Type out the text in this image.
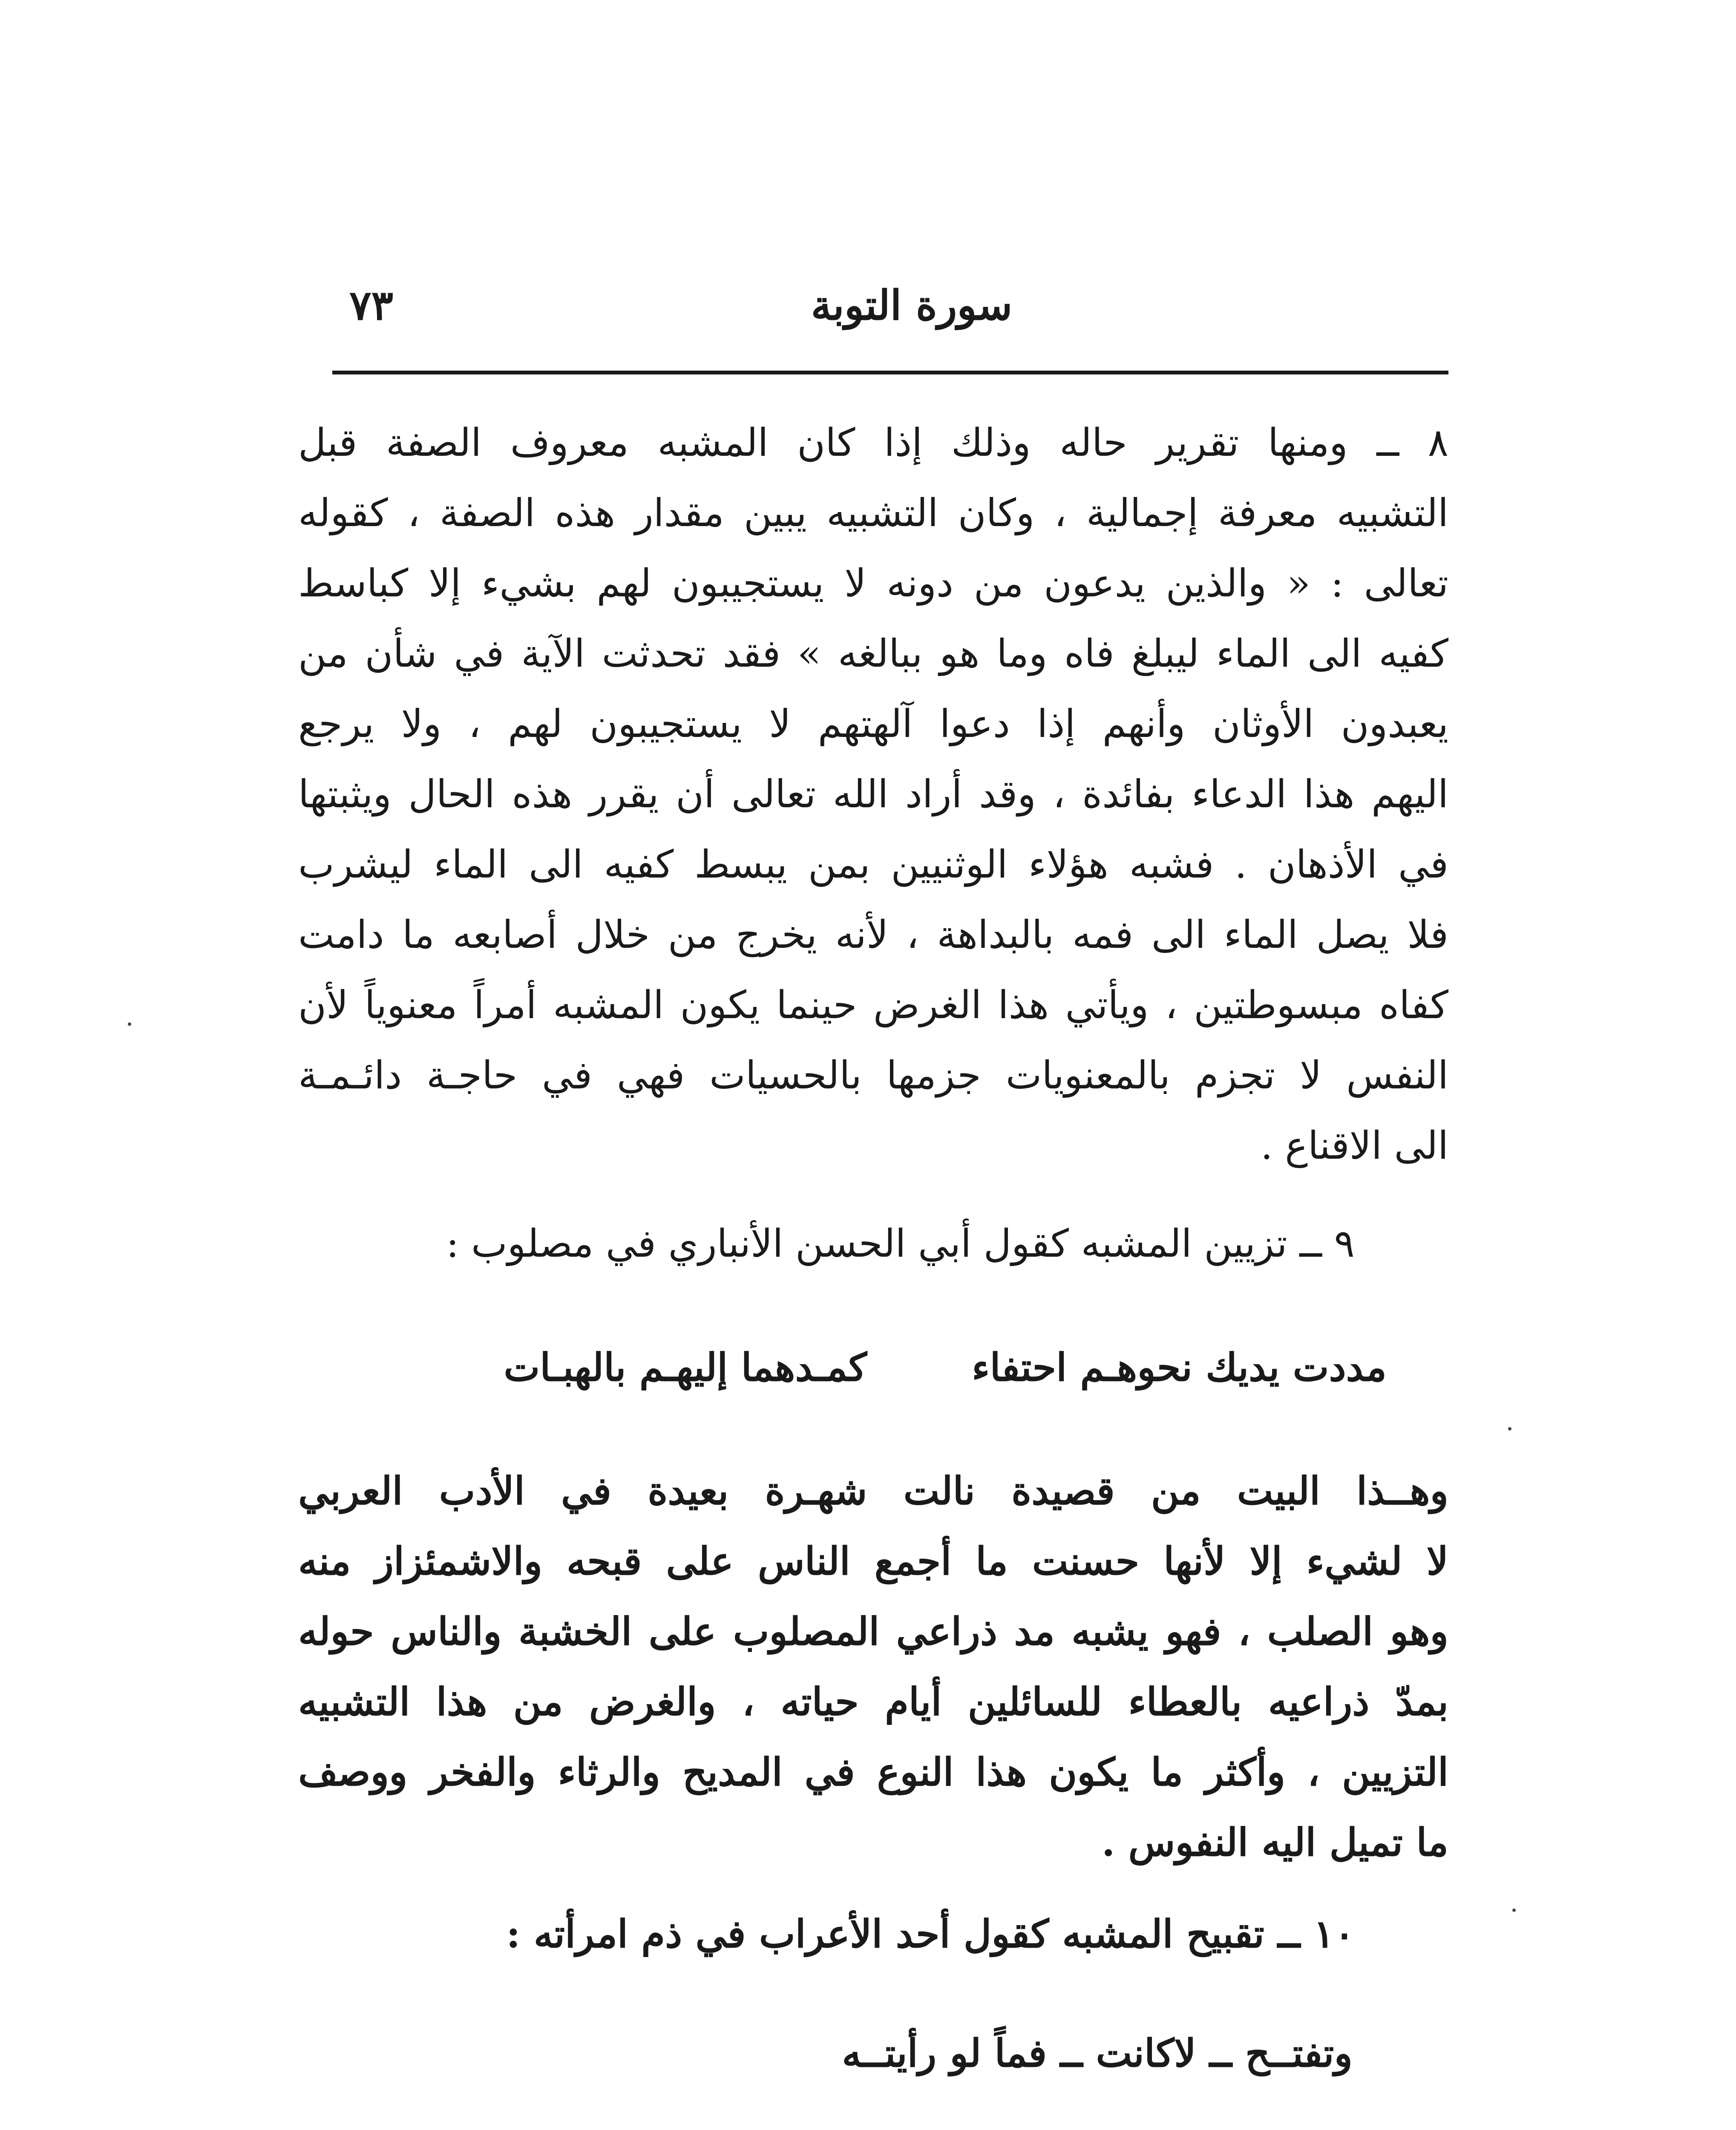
٧٣	سورة التوبة
٨ ــ ومنها تقرير حاله وذلك إذا كان المشبه معروف الصفة قبل
التشبيه معرفة إجمالية ، وكان التشبيه يبين مقدار هذه الصفة ، كقوله
تعالى : « والذين يدعون من دونه لا يستجيبون لهم بشيء إلا كباسط
كفيه الى الماء ليبلغ فاه وما هو ببالغه » فقد تحدثت الآية في شأن من
يعبدون الأوثان وأنهم إذا دعوا آلهتهم لا يستجيبون لهم ، ولا يرجع
اليهم هذا الدعاء بفائدة ، وقد أراد الله تعالى أن يقرر هذه الحال ويثبتها
في الأذهان . فشبه هؤلاء الوثنيين بمن يبسط كفيه الى الماء ليشرب
فلا يصل الماء الى فمه بالبداهة ، لأنه يخرج من خلال أصابعه ما دامت
كفاه مبسوطتين ، ويأتي هذا الغرض حينما يكون المشبه أمراً معنوياً لأن
النفس لا تجزم بالمعنويات جزمها بالحسيات فهي في حاجـة دائـمـة
الى الاقناع .
٩ ــ تزيين المشبه كقول أبي الحسن الأنباري في مصلوب :
مددت يديك نحوهـم احتفاء
كمـدهما إليهـم بالهبـات
وهــذا البيت من قصيدة نالت شهـرة بعيدة في الأدب العربي
لا لشيء إلا لأنها حسنت ما أجمع الناس على قبحه والاشمئزاز منه
وهو الصلب ، فهو يشبه مد ذراعي المصلوب على الخشبة والناس حوله
بمدّ ذراعيه بالعطاء للسائلين أيام حياته ، والغرض من هذا التشبيه
التزيين ، وأكثر ما يكون هذا النوع في المديح والرثاء والفخر ووصف
ما تميل اليه النفوس .
١٠ ــ تقبيح المشبه كقول أحد الأعراب في ذم امرأته :
وتفتــح ــ لاكانت ــ فماً لو رأيتــه
